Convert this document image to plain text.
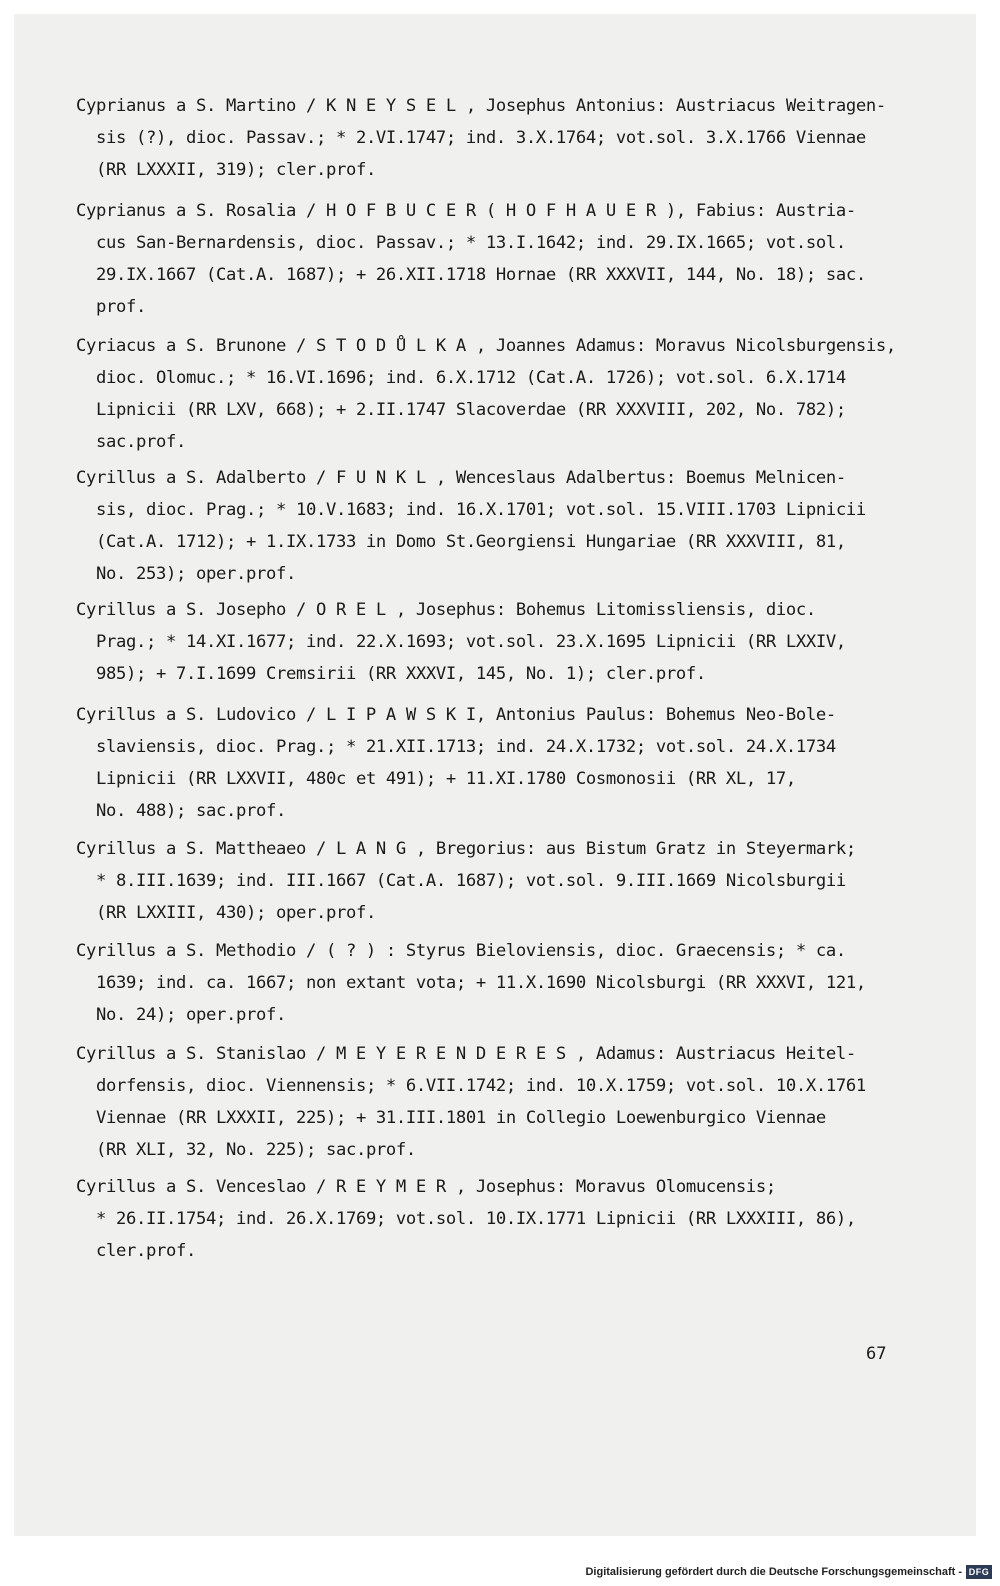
Cyprianus a S. Martino / K N E Y S E L , Josephus Antonius: Austriacus Weitragen-
sis (?), dioc. Passav.; * 2.VI.1747; ind. 3.X.1764; vot.sol. 3.X.1766 Viennae
(RR LXXXII, 319); cler.prof.
Cyprianus a S. Rosalia / H O F B U C E R ( H O F H A U E R ), Fabius: Austria-
cus San-Bernardensis, dioc. Passav.; * 13.I.1642; ind. 29.IX.1665; vot.sol.
29.IX.1667 (Cat.A. 1687); + 26.XII.1718 Hornae (RR XXXVII, 144, No. 18); sac.
prof.
Cyriacus a S. Brunone / S T O D Ů L K A , Joannes Adamus: Moravus Nicolsburgensis,
dioc. Olomuc.; * 16.VI.1696; ind. 6.X.1712 (Cat.A. 1726); vot.sol. 6.X.1714
Lipnicii (RR LXV, 668); + 2.II.1747 Slacoverdae (RR XXXVIII, 202, No. 782);
sac.prof.
Cyrillus a S. Adalberto / F U N K L , Wenceslaus Adalbertus: Boemus Melnicen-
sis, dioc. Prag.; * 10.V.1683; ind. 16.X.1701; vot.sol. 15.VIII.1703 Lipnicii
(Cat.A. 1712); + 1.IX.1733 in Domo St.Georgiensi Hungariae (RR XXXVIII, 81,
No. 253); oper.prof.
Cyrillus a S. Josepho / O R E L , Josephus: Bohemus Litomissliensis, dioc.
Prag.; * 14.XI.1677; ind. 22.X.1693; vot.sol. 23.X.1695 Lipnicii (RR LXXIV,
985); + 7.I.1699 Cremsirii (RR XXXVI, 145, No. 1); cler.prof.
Cyrillus a S. Ludovico / L I P A W S K I, Antonius Paulus: Bohemus Neo-Bole-
slaviensis, dioc. Prag.; * 21.XII.1713; ind. 24.X.1732; vot.sol. 24.X.1734
Lipnicii (RR LXXVII, 480c et 491); + 11.XI.1780 Cosmonosii (RR XL, 17,
No. 488); sac.prof.
Cyrillus a S. Mattheaeo / L A N G , Bregorius: aus Bistum Gratz in Steyermark;
* 8.III.1639; ind. III.1667 (Cat.A. 1687); vot.sol. 9.III.1669 Nicolsburgii
(RR LXXIII, 430); oper.prof.
Cyrillus a S. Methodio / ( ? ) : Styrus Bieloviensis, dioc. Graecensis; * ca.
1639; ind. ca. 1667; non extant vota; + 11.X.1690 Nicolsburgi (RR XXXVI, 121,
No. 24); oper.prof.
Cyrillus a S. Stanislao / M E Y E R E N D E R E S , Adamus: Austriacus Heitel-
dorfensis, dioc. Viennensis; * 6.VII.1742; ind. 10.X.1759; vot.sol. 10.X.1761
Viennae (RR LXXXII, 225); + 31.III.1801 in Collegio Loewenburgico Viennae
(RR XLI, 32, No. 225); sac.prof.
Cyrillus a S. Venceslao / R E Y M E R , Josephus: Moravus Olomucensis;
* 26.II.1754; ind. 26.X.1769; vot.sol. 10.IX.1771 Lipnicii (RR LXXXIII, 86),
cler.prof.
67
Digitalisierung gefördert durch die Deutsche Forschungsgemeinschaft - DFG
